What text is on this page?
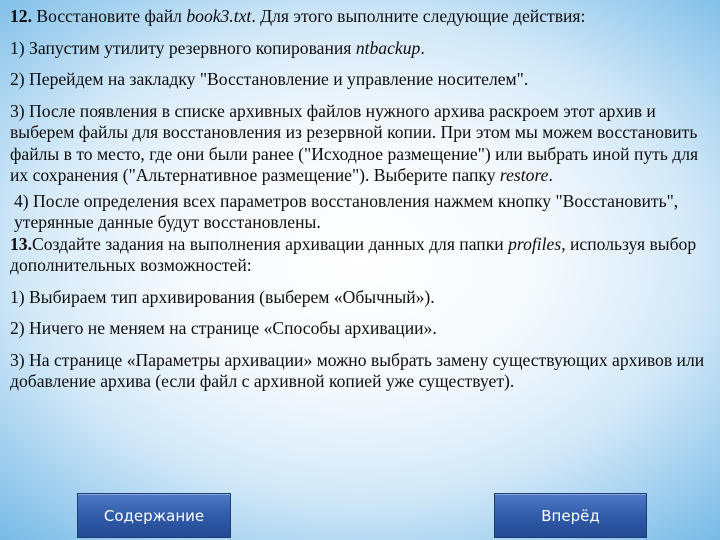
12. Восстановите файл book3.txt. Для этого выполните следующие действия:

1) Запустим утилиту резервного копирования ntbackup.

2) Перейдем на закладку "Восстановление и управление носителем".

3) После появления в списке архивных файлов нужного архива раскроем этот архив и выберем файлы для восстановления из резервной копии. При этом мы можем восстановить файлы в то место, где они были ранее ("Исходное размещение") или выбрать иной путь для их сохранения ("Альтернативное размещение"). Выберите папку restore.

4) После определения всех параметров восстановления нажмем кнопку "Восстановить", утерянные данные будут восстановлены.

13.Создайте задания на выполнения архивации данных для папки profiles, используя выбор дополнительных возможностей:

1) Выбираем тип архивирования (выберем «Обычный»).

2) Ничего не меняем на странице «Способы архивации».

3) На странице «Параметры архивации» можно выбрать замену существующих архивов или добавление архива (если файл с архивной копией уже существует).

Содержание	Вперёд
